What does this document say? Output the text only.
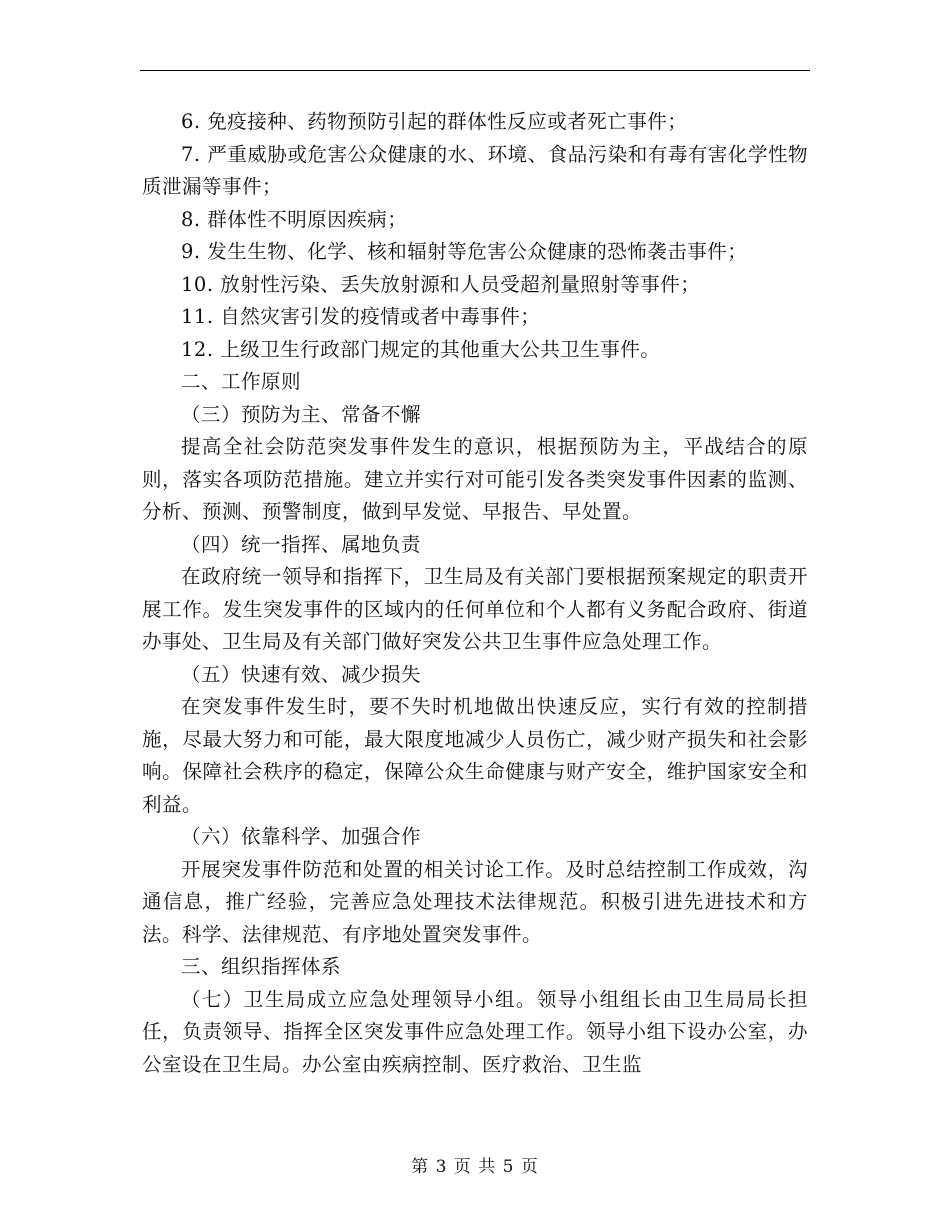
6. 免疫接种、药物预防引起的群体性反应或者死亡事件；

7. 严重威胁或危害公众健康的水、环境、食品污染和有毒有害化学性物质泄漏等事件；

8. 群体性不明原因疾病；

9. 发生生物、化学、核和辐射等危害公众健康的恐怖袭击事件；

10. 放射性污染、丢失放射源和人员受超剂量照射等事件；

11. 自然灾害引发的疫情或者中毒事件；

12. 上级卫生行政部门规定的其他重大公共卫生事件。

二、工作原则

（三）预防为主、常备不懈

提高全社会防范突发事件发生的意识，根据预防为主，平战结合的原则，落实各项防范措施。建立并实行对可能引发各类突发事件因素的监测、分析、预测、预警制度，做到早发觉、早报告、早处置。

（四）统一指挥、属地负责

在政府统一领导和指挥下，卫生局及有关部门要根据预案规定的职责开展工作。发生突发事件的区域内的任何单位和个人都有义务配合政府、街道办事处、卫生局及有关部门做好突发公共卫生事件应急处理工作。

（五）快速有效、减少损失

在突发事件发生时，要不失时机地做出快速反应，实行有效的控制措施，尽最大努力和可能，最大限度地减少人员伤亡，减少财产损失和社会影响。保障社会秩序的稳定，保障公众生命健康与财产安全，维护国家安全和利益。

（六）依靠科学、加强合作

开展突发事件防范和处置的相关讨论工作。及时总结控制工作成效，沟通信息，推广经验，完善应急处理技术法律规范。积极引进先进技术和方法。科学、法律规范、有序地处置突发事件。

三、组织指挥体系

（七）卫生局成立应急处理领导小组。领导小组组长由卫生局局长担任，负责领导、指挥全区突发事件应急处理工作。领导小组下设办公室，办公室设在卫生局。办公室由疾病控制、医疗救治、卫生监

第 3 页 共 5 页
